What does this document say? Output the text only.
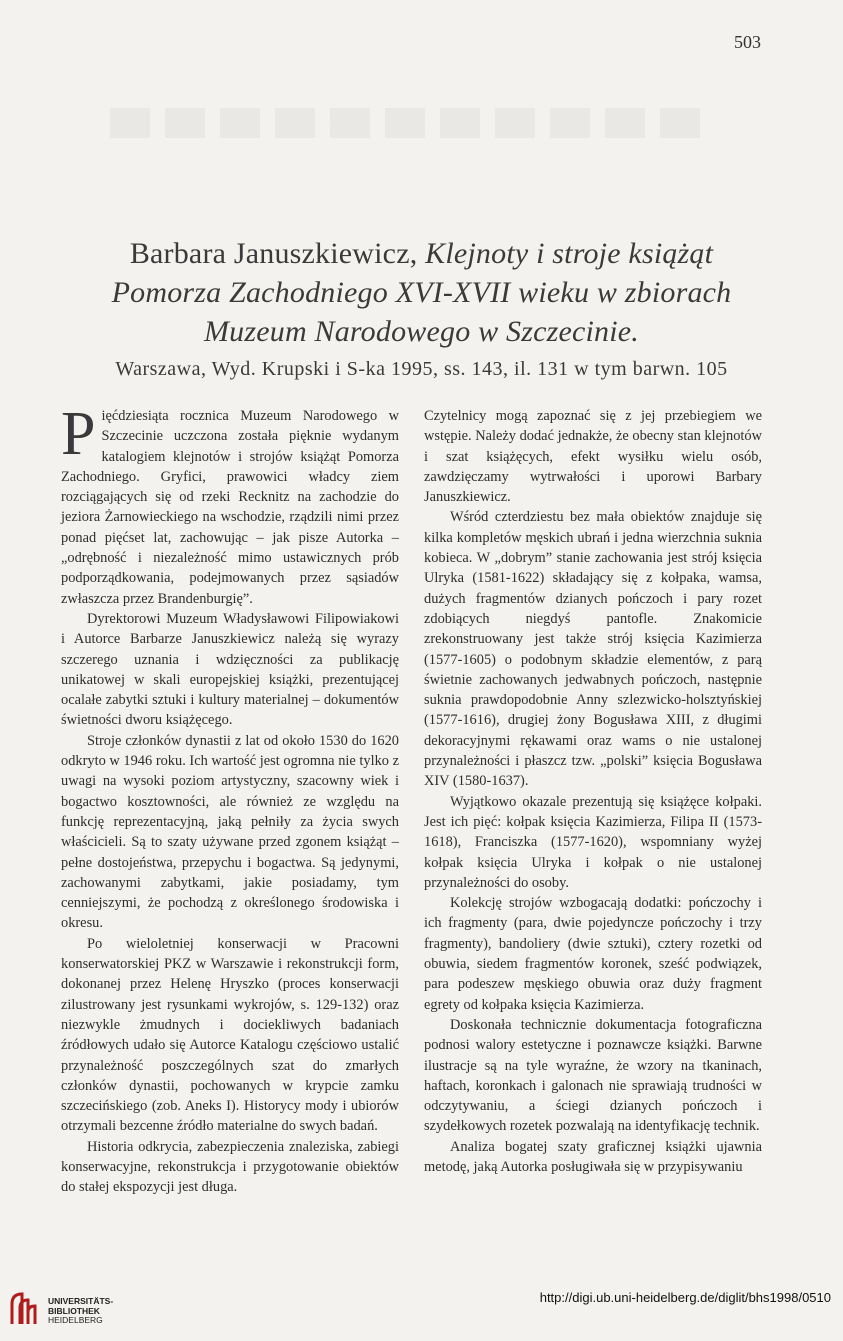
503
Barbara Januszkiewicz, Klejnoty i stroje książąt
Pomorza Zachodniego XVI-XVII wieku w zbiorach
Muzeum Narodowego w Szczecinie.
Warszawa, Wyd. Krupski i S-ka 1995, ss. 143, il. 131 w tym barwn. 105

Pięćdziesiąta rocznica Muzeum Narodowego w Szczecinie uczczona została pięknie wydanym katalogiem klejnotów i strojów książąt Pomorza Zachodniego. Gryfici, prawowici władcy ziem rozciągających się od rzeki Recknitz na zachodzie do jeziora Żarnowieckiego na wschodzie, rządzili nimi przez ponad pięćset lat, zachowując – jak pisze Autorka – „odrębność i niezależność mimo ustawicznych prób podporządkowania, podejmowanych przez sąsiadów zwłaszcza przez Brandenburgię”.

Dyrektorowi Muzeum Władysławowi Filipowiakowi i Autorce Barbarze Januszkiewicz należą się wyrazy szczerego uznania i wdzięczności za publikację unikatowej w skali europejskiej książki, prezentującej ocalałe zabytki sztuki i kultury materialnej – dokumentów świetności dworu książęcego.

Stroje członków dynastii z lat od około 1530 do 1620 odkryto w 1946 roku. Ich wartość jest ogromna nie tylko z uwagi na wysoki poziom artystyczny, szacowny wiek i bogactwo kosztowności, ale również ze względu na funkcję reprezentacyjną, jaką pełniły za życia swych właścicieli. Są to szaty używane przed zgonem książąt – pełne dostojeństwa, przepychu i bogactwa. Są jedynymi, zachowanymi zabytkami, jakie posiadamy, tym cenniejszymi, że pochodzą z określonego środowiska i okresu.

Po wieloletniej konserwacji w Pracowni konserwatorskiej PKZ w Warszawie i rekonstrukcji form, dokonanej przez Helenę Hryszko (proces konserwacji zilustrowany jest rysunkami wykrojów, s. 129-132) oraz niezwykle żmudnych i dociekliwych badaniach źródłowych udało się Autorce Katalogu częściowo ustalić przynależność poszczególnych szat do zmarłych członków dynastii, pochowanych w krypcie zamku szczecińskiego (zob. Aneks I). Historycy mody i ubiorów otrzymali bezcenne źródło materialne do swych badań.

Historia odkrycia, zabezpieczenia znaleziska, zabiegi konserwacyjne, rekonstrukcja i przygotowanie obiektów do stałej ekspozycji jest długa.

Czytelnicy mogą zapoznać się z jej przebiegiem we wstępie. Należy dodać jednakże, że obecny stan klejnotów i szat książęcych, efekt wysiłku wielu osób, zawdzięczamy wytrwałości i uporowi Barbary Januszkiewicz.

Wśród czterdziestu bez mała obiektów znajduje się kilka kompletów męskich ubrań i jedna wierzchnia suknia kobieca. W „dobrym” stanie zachowania jest strój księcia Ulryka (1581-1622) składający się z kołpaka, wamsa, dużych fragmentów dzianych pończoch i pary rozet zdobiących niegdyś pantofle. Znakomicie zrekonstruowany jest także strój księcia Kazimierza (1577-1605) o podobnym składzie elementów, z parą świetnie zachowanych jedwabnych pończoch, następnie suknia prawdopodobnie Anny szlezwicko-holsztyńskiej (1577-1616), drugiej żony Bogusława XIII, z długimi dekoracyjnymi rękawami oraz wams o nie ustalonej przynależności i płaszcz tzw. „polski” księcia Bogusława XIV (1580-1637).

Wyjątkowo okazale prezentują się książęce kołpaki. Jest ich pięć: kołpak księcia Kazimierza, Filipa II (1573-1618), Franciszka (1577-1620), wspomniany wyżej kołpak księcia Ulryka i kołpak o nie ustalonej przynależności do osoby.

Kolekcję strojów wzbogacają dodatki: pończochy i ich fragmenty (para, dwie pojedyncze pończochy i trzy fragmenty), bandoliery (dwie sztuki), cztery rozetki od obuwia, siedem fragmentów koronek, sześć podwiązek, para podeszew męskiego obuwia oraz duży fragment egrety od kołpaka księcia Kazimierza.

Doskonała technicznie dokumentacja fotograficzna podnosi walory estetyczne i poznawcze książki. Barwne ilustracje są na tyle wyraźne, że wzory na tkaninach, haftach, koronkach i galonach nie sprawiają trudności w odczytywaniu, a ściegi dzianych pończoch i szydełkowych rozetek pozwalają na identyfikację technik.

Analiza bogatej szaty graficznej książki ujawnia metodę, jaką Autorka posługiwała się w przypisywaniu

UNIVERSITÄTS-
BIBLIOTHEK
HEIDELBERG
http://digi.ub.uni-heidelberg.de/diglit/bhs1998/0510
